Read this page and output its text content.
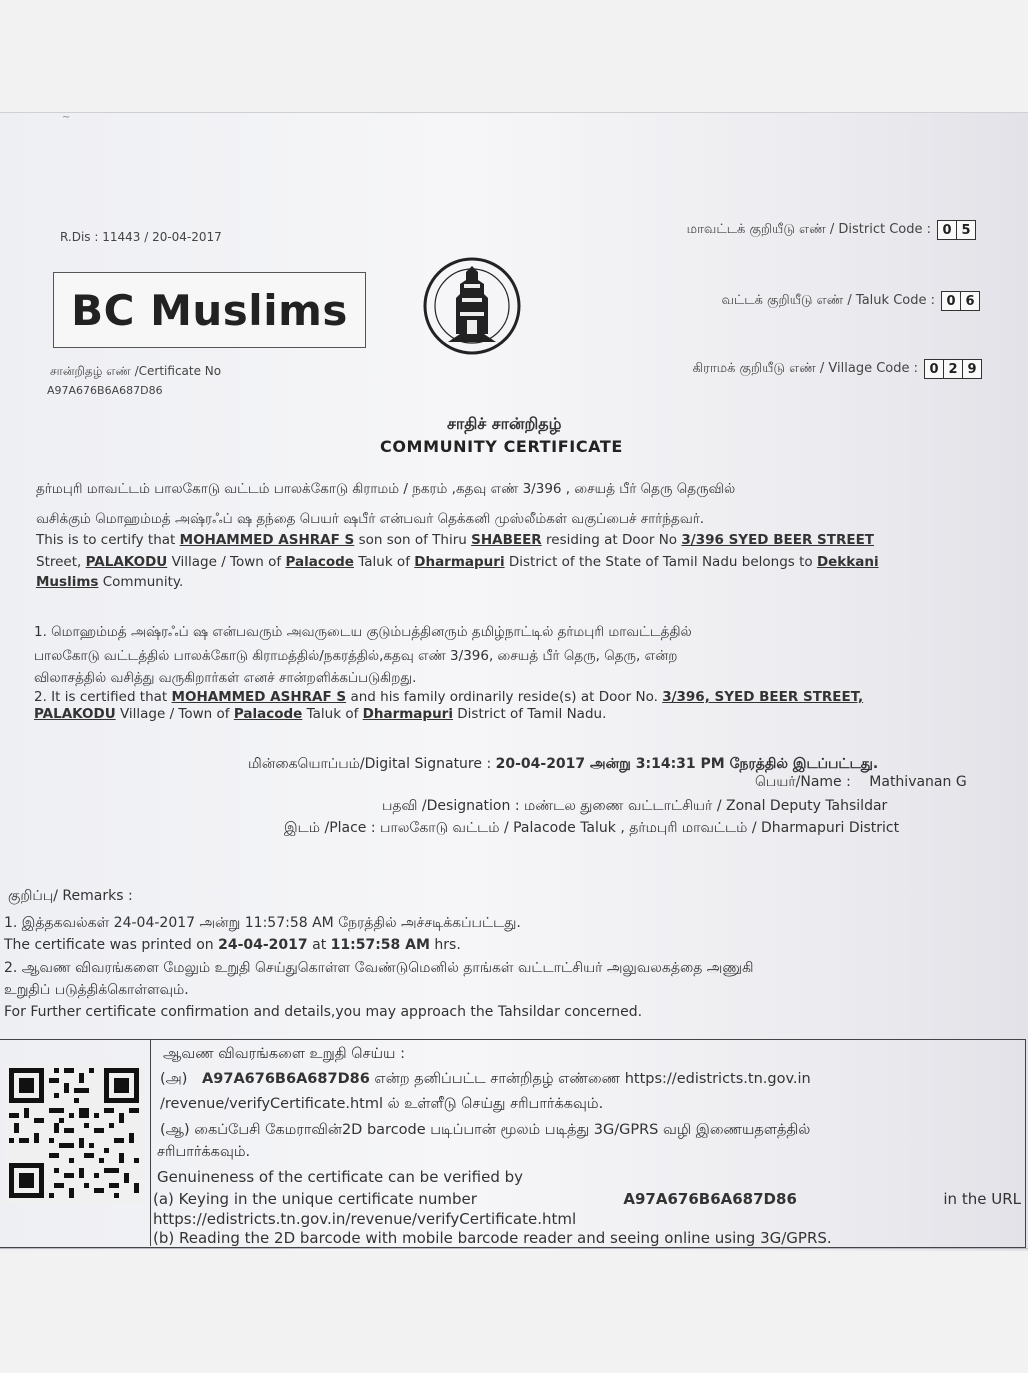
~
R.Dis : 11443 / 20-04-2017
BC Muslims
சான்றிதழ் எண் /Certificate No
A97A676B6A687D86
மாவட்டக் குறியீடு எண் / District Code : 0 5
வட்டக் குறியீடு எண் / Taluk Code : 0 6
கிராமக் குறியீடு எண் / Village Code : 0 2 9
சாதிச் சான்றிதழ்
COMMUNITY CERTIFICATE
தர்மபுரி மாவட்டம் பாலகோடு வட்டம் பாலக்கோடு கிராமம் / நகரம் ,கதவு எண் 3/396 , சையத் பீர் தெரு தெருவில்
வசிக்கும் மொஹம்மத் அஷ்ரஃப் ஷ தந்தை பெயர் ஷபீர் என்பவர் தெக்கனி முஸ்லீம்கள் வகுப்பைச் சார்ந்தவர்.
This is to certify that MOHAMMED ASHRAF S son son of Thiru SHABEER residing at Door No 3/396 SYED BEER STREET
Street, PALAKODU Village / Town of Palacode Taluk of Dharmapuri District of the State of Tamil Nadu belongs to Dekkani
Muslims Community.
1. மொஹம்மத் அஷ்ரஃப் ஷ என்பவரும் அவருடைய குடும்பத்தினரும் தமிழ்நாட்டில் தர்மபுரி மாவட்டத்தில்
பாலகோடு வட்டத்தில் பாலக்கோடு கிராமத்தில்/நகரத்தில்,கதவு எண் 3/396, சையத் பீர் தெரு, தெரு, என்ற
விலாசத்தில் வசித்து வருகிறார்கள் எனச் சான்றளிக்கப்படுகிறது.
2. It is certified that MOHAMMED ASHRAF S and his family ordinarily reside(s) at Door No. 3/396, SYED BEER STREET,
PALAKODU Village / Town of Palacode Taluk of Dharmapuri District of Tamil Nadu.
மின்கையொப்பம்/Digital Signature : 20-04-2017 அன்று 3:14:31 PM நேரத்தில் இடப்பட்டது.
பெயர்/Name : Mathivanan G
பதவி /Designation : மண்டல துணை வட்டாட்சியர் / Zonal Deputy Tahsildar
இடம் /Place : பாலகோடு வட்டம் / Palacode Taluk , தர்மபுரி மாவட்டம் / Dharmapuri District
குறிப்பு/ Remarks :
1. இத்தகவல்கள் 24-04-2017 அன்று 11:57:58 AM நேரத்தில் அச்சடிக்கப்பட்டது.
The certificate was printed on 24-04-2017 at 11:57:58 AM hrs.
2. ஆவண விவரங்களை மேலும் உறுதி செய்துகொள்ள வேண்டுமெனில் தாங்கள் வட்டாட்சியர் அலுவலகத்தை அணுகி
உறுதிப் படுத்திக்கொள்ளவும்.
For Further certificate confirmation and details,you may approach the Tahsildar concerned.
ஆவண விவரங்களை உறுதி செய்ய :
(அ) A97A676B6A687D86 என்ற தனிப்பட்ட சான்றிதழ் எண்ணை https://edistricts.tn.gov.in
/revenue/verifyCertificate.html ல் உள்ளீடு செய்து சரிபார்க்கவும்.
(ஆ) கைப்பேசி கேமராவின்2D barcode படிப்பான் மூலம் படித்து 3G/GPRS வழி இணையதளத்தில்
சரிபார்க்கவும்.
Genuineness of the certificate can be verified by
(a) Keying in the unique certificate number	A97A676B6A687D86	in the URL
https://edistricts.tn.gov.in/revenue/verifyCertificate.html
(b) Reading the 2D barcode with mobile barcode reader and seeing online using 3G/GPRS.
